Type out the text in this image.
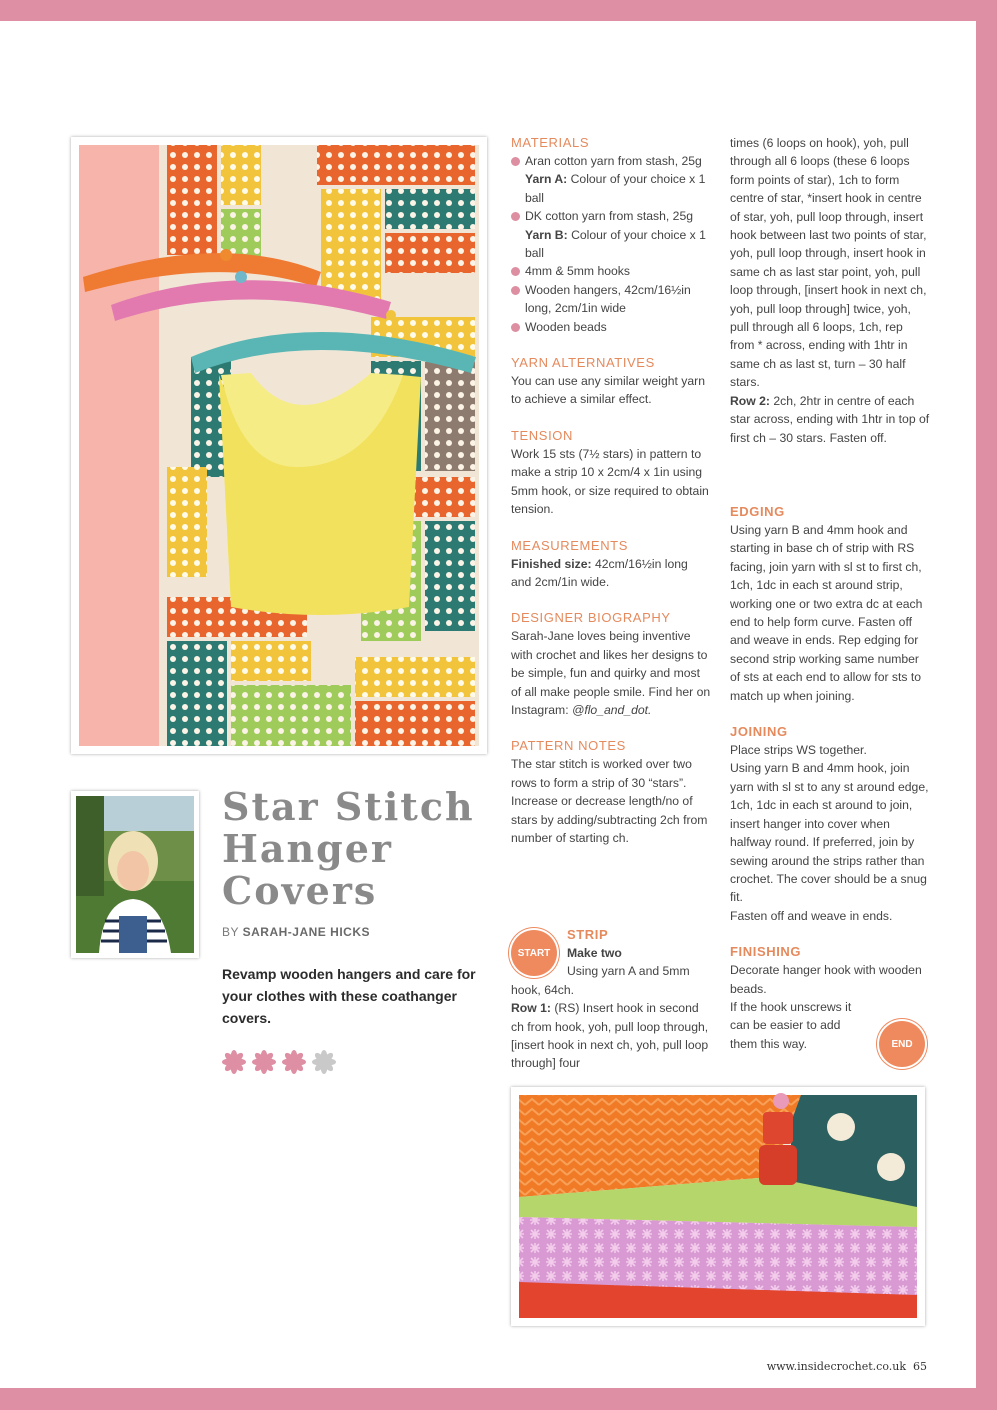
Star Stitch
Hanger
Covers
BY SARAH-JANE HICKS
Revamp wooden hangers and care for your clothes with these coathanger covers.
MATERIALS
Aran cotton yarn from stash, 25g
Yarn A: Colour of your choice x 1 ball
DK cotton yarn from stash, 25g
Yarn B: Colour of your choice x 1 ball
4mm & 5mm hooks
Wooden hangers, 42cm/16½in long, 2cm/1in wide
Wooden beads
YARN ALTERNATIVES

You can use any similar weight yarn to achieve a similar effect.

TENSION

Work 15 sts (7½ stars) in pattern to make a strip 10 x 2cm/4 x 1in using 5mm hook, or size required to obtain tension.

MEASUREMENTS

Finished size: 42cm/16½in long and 2cm/1in wide.

DESIGNER BIOGRAPHY

Sarah-Jane loves being inventive with crochet and likes her designs to be simple, fun and quirky and most of all make people smile. Find her on Instagram: @flo_and_dot.

PATTERN NOTES

The star stitch is worked over two rows to form a strip of 30 “stars”. Increase or decrease length/no of stars by adding/subtracting 2ch from number of starting ch.

START
STRIP
Make two

Using yarn A and 5mm hook, 64ch.

Row 1: (RS) Insert hook in second ch from hook, yoh, pull loop through, [insert hook in next ch, yoh, pull loop through] four

EDGING

Using yarn B and 4mm hook and starting in base ch of strip with RS facing, join yarn with sl st to first ch, 1ch, 1dc in each st around strip, working one or two extra dc at each end to help form curve. Fasten off and weave in ends. Rep edging for second strip working same number of sts at each end to allow for sts to match up when joining.

JOINING

Place strips WS together.

Using yarn B and 4mm hook, join yarn with sl st to any st around edge, 1ch, 1dc in each st around to join, insert hanger into cover when halfway round. If preferred, join by sewing around the strips rather than crochet. The cover should be a snug fit.

Fasten off and weave in ends.

FINISHING

Decorate hanger hook with wooden beads.

If the hook unscrews it can be easier to add them this way.	END

times (6 loops on hook), yoh, pull through all 6 loops (these 6 loops form points of star), 1ch to form centre of star, *insert hook in centre of star, yoh, pull loop through, insert hook between last two points of star, yoh, pull loop through, insert hook in same ch as last star point, yoh, pull loop through, [insert hook in next ch, yoh, pull loop through] twice, yoh, pull through all 6 loops, 1ch, rep from * across, ending with 1htr in same ch as last st, turn – 30 half stars.

Row 2: 2ch, 2htr in centre of each star across, ending with 1htr in top of first ch – 30 stars. Fasten off.

www.insidecrochet.co.uk 65
